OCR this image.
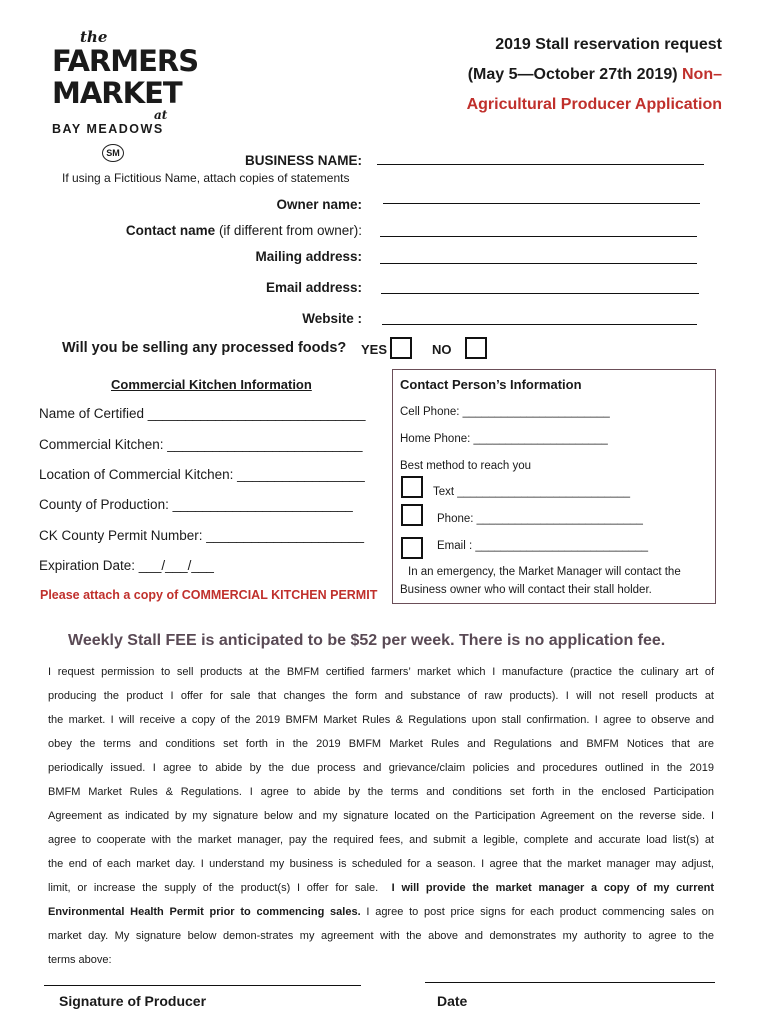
the
FARMERS
MARKET
at
BAY MEADOWS
SM
2019 Stall reservation request
(May 5—October 27th 2019) Non–
Agricultural Producer Application
BUSINESS NAME:
If using a Fictitious Name, attach copies of statements
Owner name:
Contact name (if different from owner):
Mailing address:
Email address:
Website :
Will you be selling any processed foods? YES	NO
Commercial Kitchen Information
Name of Certified _____________________________
Commercial Kitchen: __________________________
Location of Commercial Kitchen: _________________
County of Production: ________________________
CK County Permit Number: _____________________
Expiration Date: ___/___/___
Please attach a copy of COMMERCIAL KITCHEN PERMIT
Contact Person’s Information
Cell Phone: _______________________
Home Phone: _____________________
Best method to reach you
Text ___________________________
Phone: __________________________
Email : ___________________________
In an emergency, the Market Manager will contact the
Business owner who will contact their stall holder.
Weekly Stall FEE is anticipated to be $52 per week. There is no application fee.
I request permission to sell products at the BMFM certified farmers’ market which I manufacture (practice the culinary art of
producing the product I offer for sale that changes the form and substance of raw products). I will not resell products at
the market. I will receive a copy of the 2019 BMFM Market Rules & Regulations upon stall confirmation. I agree to observe and
obey the terms and conditions set forth in the 2019 BMFM Market Rules and Regulations and BMFM Notices that are
periodically issued. I agree to abide by the due process and grievance/claim policies and procedures outlined in the 2019
BMFM Market Rules & Regulations. I agree to abide by the terms and conditions set forth in the enclosed Participation
Agreement as indicated by my signature below and my signature located on the Participation Agreement on the reverse side. I
agree to cooperate with the market manager, pay the required fees, and submit a legible, complete and accurate load list(s) at
the end of each market day. I understand my business is scheduled for a season. I agree that the market manager may adjust,
limit, or increase the supply of the product(s) I offer for sale. I will provide the market manager a copy of my current
Environmental Health Permit prior to commencing sales. I agree to post price signs for each product commencing sales on
market day. My signature below demon-strates my agreement with the above and demonstrates my authority to agree to the
terms above:
Signature of Producer	Date
